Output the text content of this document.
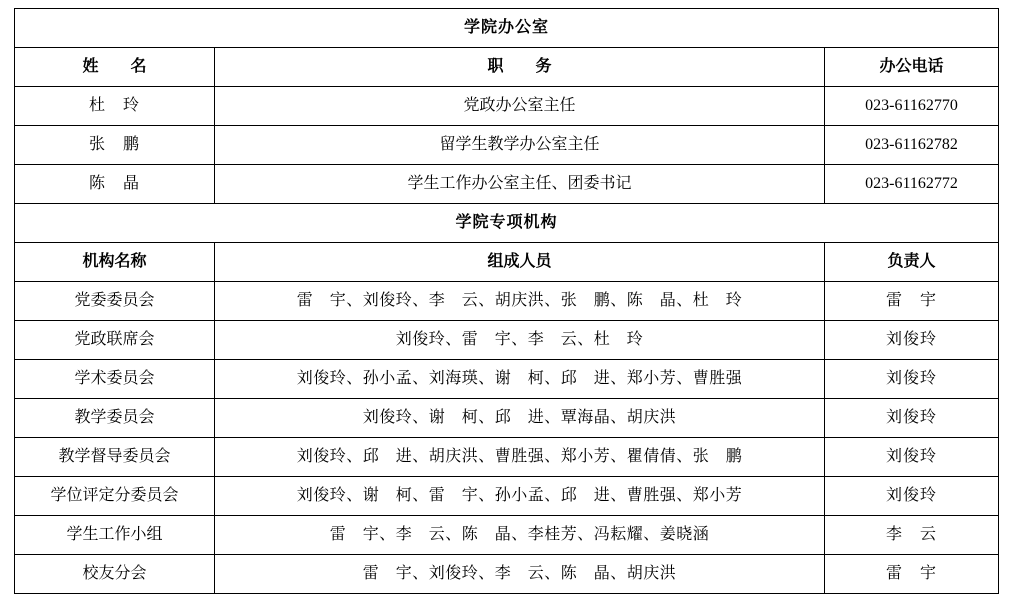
学院办公室		
姓　　名	职　　务	办公电话
杜　玲	党政办公室主任	023-61162770
张　鹏	留学生教学办公室主任	023-61162782
陈　晶	学生工作办公室主任、团委书记	023-61162772
学院专项机构		
机构名称	组成人员	负责人
党委委员会	雷　宇、刘俊玲、李　云、胡庆洪、张　鹏、陈　晶、杜　玲	雷　宇
党政联席会	刘俊玲、雷　宇、李　云、杜　玲	刘俊玲
学术委员会	刘俊玲、孙小孟、刘海瑛、谢　柯、邱　进、郑小芳、曹胜强	刘俊玲
教学委员会	刘俊玲、谢　柯、邱　进、覃海晶、胡庆洪	刘俊玲
教学督导委员会	刘俊玲、邱　进、胡庆洪、曹胜强、郑小芳、瞿倩倩、张　鹏	刘俊玲
学位评定分委员会	刘俊玲、谢　柯、雷　宇、孙小孟、邱　进、曹胜强、郑小芳	刘俊玲
学生工作小组	雷　宇、李　云、陈　晶、李桂芳、冯耘耀、姜晓涵	李　云
校友分会	雷　宇、刘俊玲、李　云、陈　晶、胡庆洪	雷　宇
